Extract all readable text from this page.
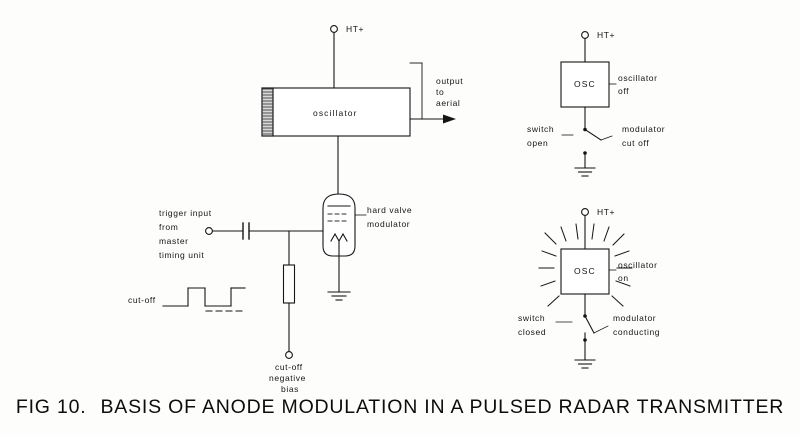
HT+
oscillator
output
to
aerial
hard valve
modulator
trigger input
from
master
timing unit
cut-off
cut-off
negative
bias
HT+
OSC
oscillator
off
switch
open
modulator
cut off
HT+
OSC
oscillator
on
switch
closed
modulator
conducting
FIG 10. BASIS OF ANODE MODULATION IN A PULSED RADAR TRANSMITTER
